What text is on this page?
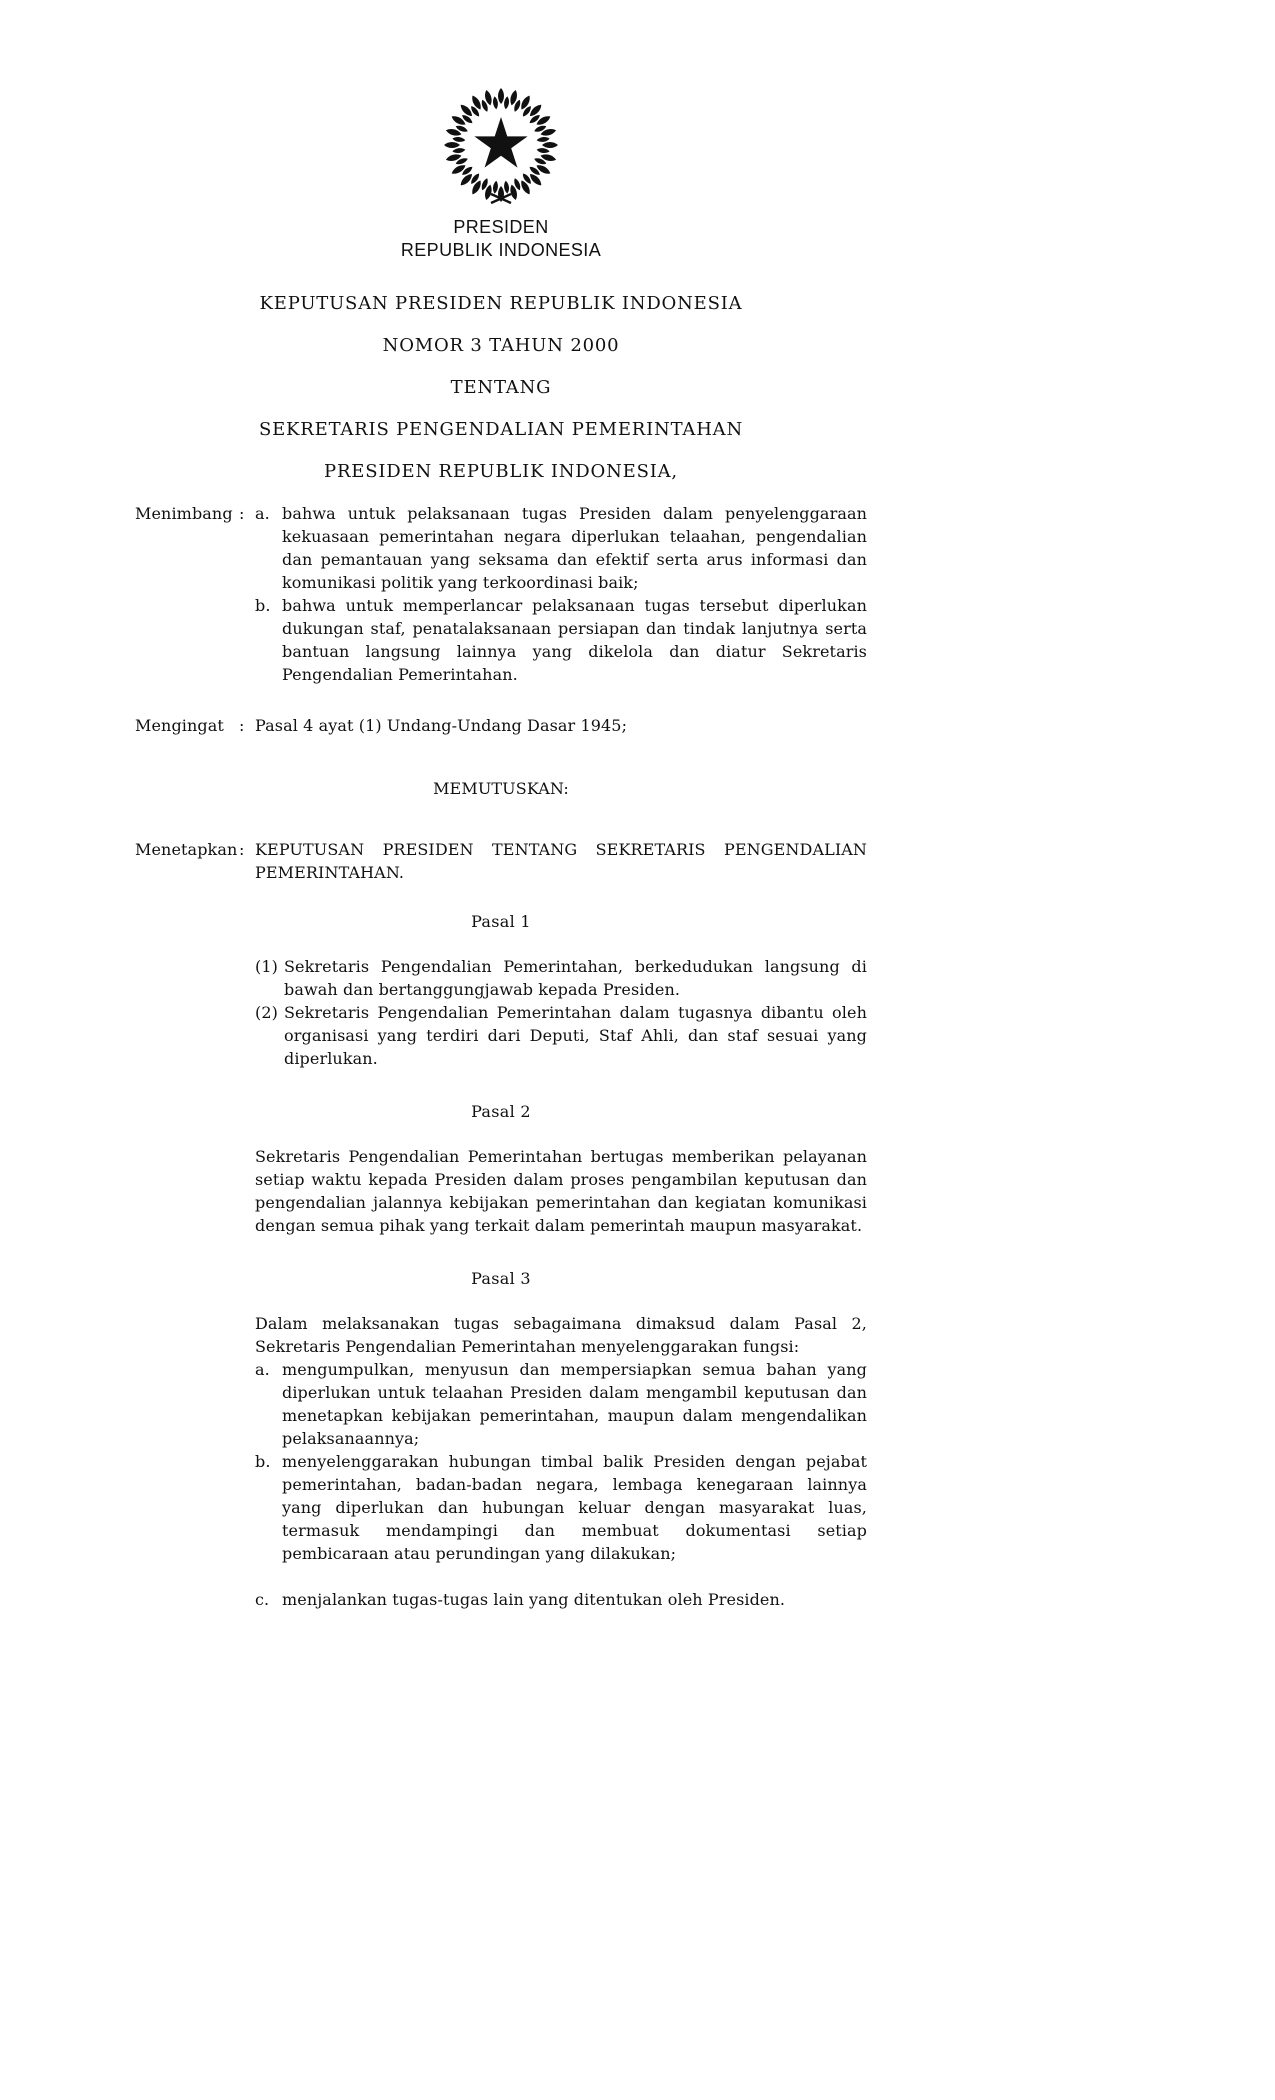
PRESIDEN
REPUBLIK INDONESIA

KEPUTUSAN PRESIDEN REPUBLIK INDONESIA

NOMOR 3 TAHUN 2000

TENTANG

SEKRETARIS PENGENDALIAN PEMERINTAHAN

PRESIDEN REPUBLIK INDONESIA,

Menimbang : a. bahwa untuk pelaksanaan tugas Presiden dalam penyelenggaraan kekuasaan pemerintahan negara diperlukan telaahan, pengendalian dan pemantauan yang seksama dan efektif serta arus informasi dan komunikasi politik yang terkoordinasi baik;
b. bahwa untuk memperlancar pelaksanaan tugas tersebut diperlukan dukungan staf, penatalaksanaan persiapan dan tindak lanjutnya serta bantuan langsung lainnya yang dikelola dan diatur Sekretaris Pengendalian Pemerintahan.
Mengingat : Pasal 4 ayat (1) Undang-Undang Dasar 1945;

MEMUTUSKAN:

Menetapkan : KEPUTUSAN PRESIDEN TENTANG SEKRETARIS PENGENDALIAN PEMERINTAHAN.
Pasal 1
(1) Sekretaris Pengendalian Pemerintahan, berkedudukan langsung di bawah dan bertanggungjawab kepada Presiden.
(2) Sekretaris Pengendalian Pemerintahan dalam tugasnya dibantu oleh organisasi yang terdiri dari Deputi, Staf Ahli, dan staf sesuai yang diperlukan.
Pasal 2

Sekretaris Pengendalian Pemerintahan bertugas memberikan pelayanan setiap waktu kepada Presiden dalam proses pengambilan keputusan dan pengendalian jalannya kebijakan pemerintahan dan kegiatan komunikasi dengan semua pihak yang terkait dalam pemerintah maupun masyarakat.

Pasal 3

Dalam melaksanakan tugas sebagaimana dimaksud dalam Pasal 2, Sekretaris Pengendalian Pemerintahan menyelenggarakan fungsi:

a. mengumpulkan, menyusun dan mempersiapkan semua bahan yang diperlukan untuk telaahan Presiden dalam mengambil keputusan dan menetapkan kebijakan pemerintahan, maupun dalam mengendalikan pelaksanaannya;
b. menyelenggarakan hubungan timbal balik Presiden dengan pejabat pemerintahan, badan-badan negara, lembaga kenegaraan lainnya yang diperlukan dan hubungan keluar dengan masyarakat luas, termasuk mendampingi dan membuat dokumentasi setiap pembicaraan atau perundingan yang dilakukan;
c. menjalankan tugas-tugas lain yang ditentukan oleh Presiden.
